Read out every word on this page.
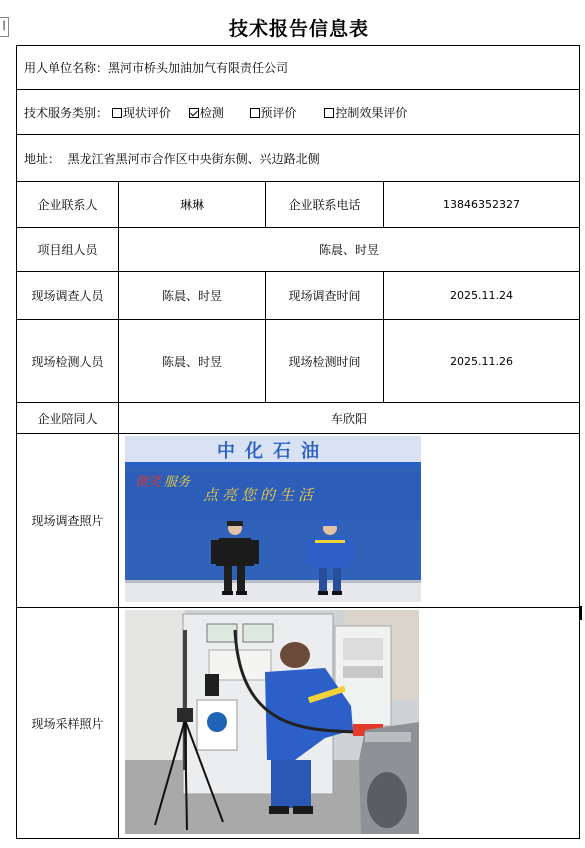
|	技术报告信息表
用人单位名称：黑河市桥头加油加气有限责任公司			
技术服务类别： 现状评价 检测 预评价 控制效果评价			
地址： 黑龙江省黑河市合作区中央街东侧、兴边路北侧			
企业联系人	琳琳	企业联系电话	13846352327
项目组人员	陈晨、时昱		
现场调查人员	陈晨、时昱	现场调查时间	2025.11.24
现场检测人员	陈晨、时昱	现场检测时间	2025.11.26
企业陪同人	车欣阳		
现场调查照片	中化石油
微笑 服务
点亮您的生活		

现场采样照片	
